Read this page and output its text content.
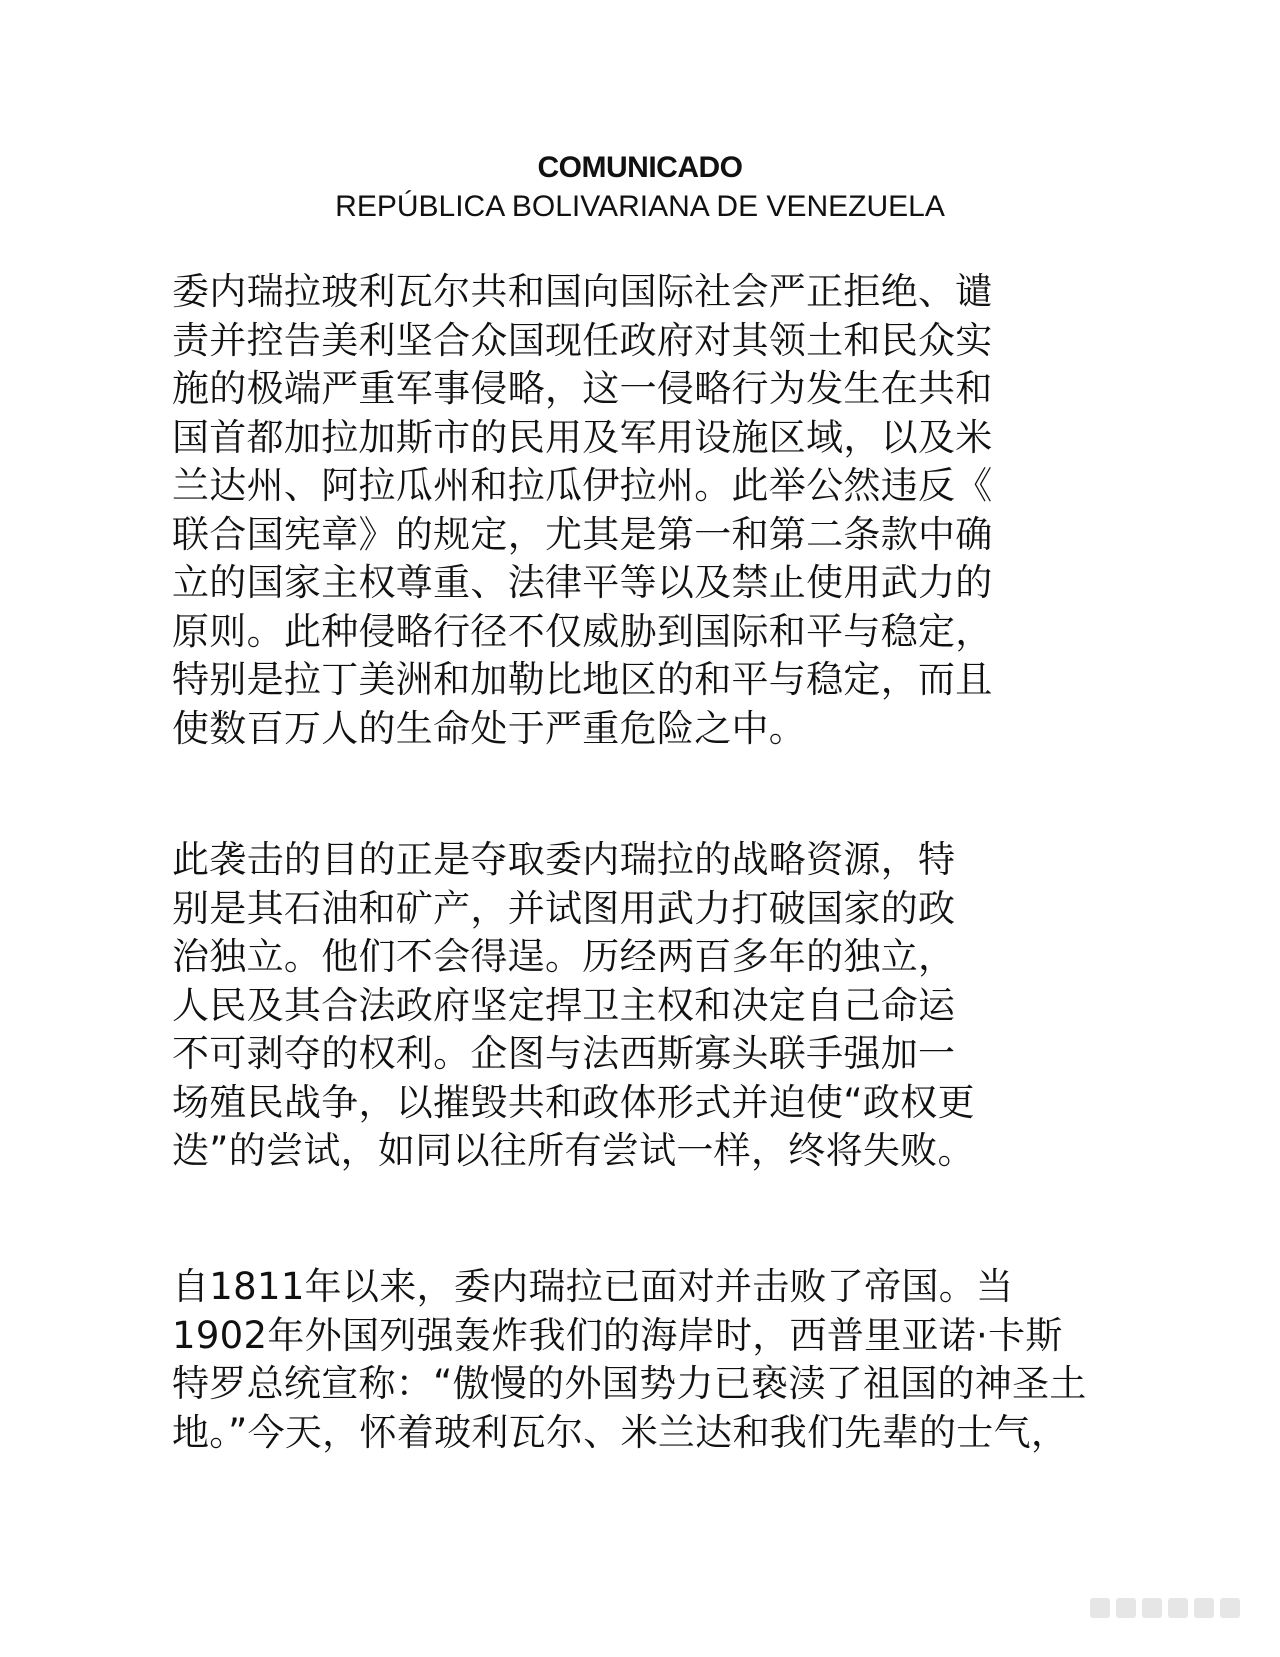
COMUNICADO
REPÚBLICA BOLIVARIANA DE VENEZUELA

委内瑞拉玻利瓦尔共和国向国际社会严正拒绝、谴
责并控告美利坚合众国现任政府对其领土和民众实
施的极端严重军事侵略，这一侵略行为发生在共和
国首都加拉加斯市的民用及军用设施区域，以及米
兰达州、阿拉瓜州和拉瓜伊拉州。此举公然违反《
联合国宪章》的规定，尤其是第一和第二条款中确
立的国家主权尊重、法律平等以及禁止使用武力的
原则。此种侵略行径不仅威胁到国际和平与稳定，
特别是拉丁美洲和加勒比地区的和平与稳定，而且
使数百万人的生命处于严重危险之中。

此袭击的目的正是夺取委内瑞拉的战略资源，特
别是其石油和矿产，并试图用武力打破国家的政
治独立。他们不会得逞。历经两百多年的独立，
人民及其合法政府坚定捍卫主权和决定自己命运
不可剥夺的权利。企图与法西斯寡头联手强加一
场殖民战争，以摧毁共和政体形式并迫使“政权更
迭”的尝试，如同以往所有尝试一样，终将失败。

自1811年以来，委内瑞拉已面对并击败了帝国。当
1902年外国列强轰炸我们的海岸时，西普里亚诺·卡斯
特罗总统宣称：“傲慢的外国势力已亵渎了祖国的神圣土
地。”今天，怀着玻利瓦尔、米兰达和我们先辈的士气，
